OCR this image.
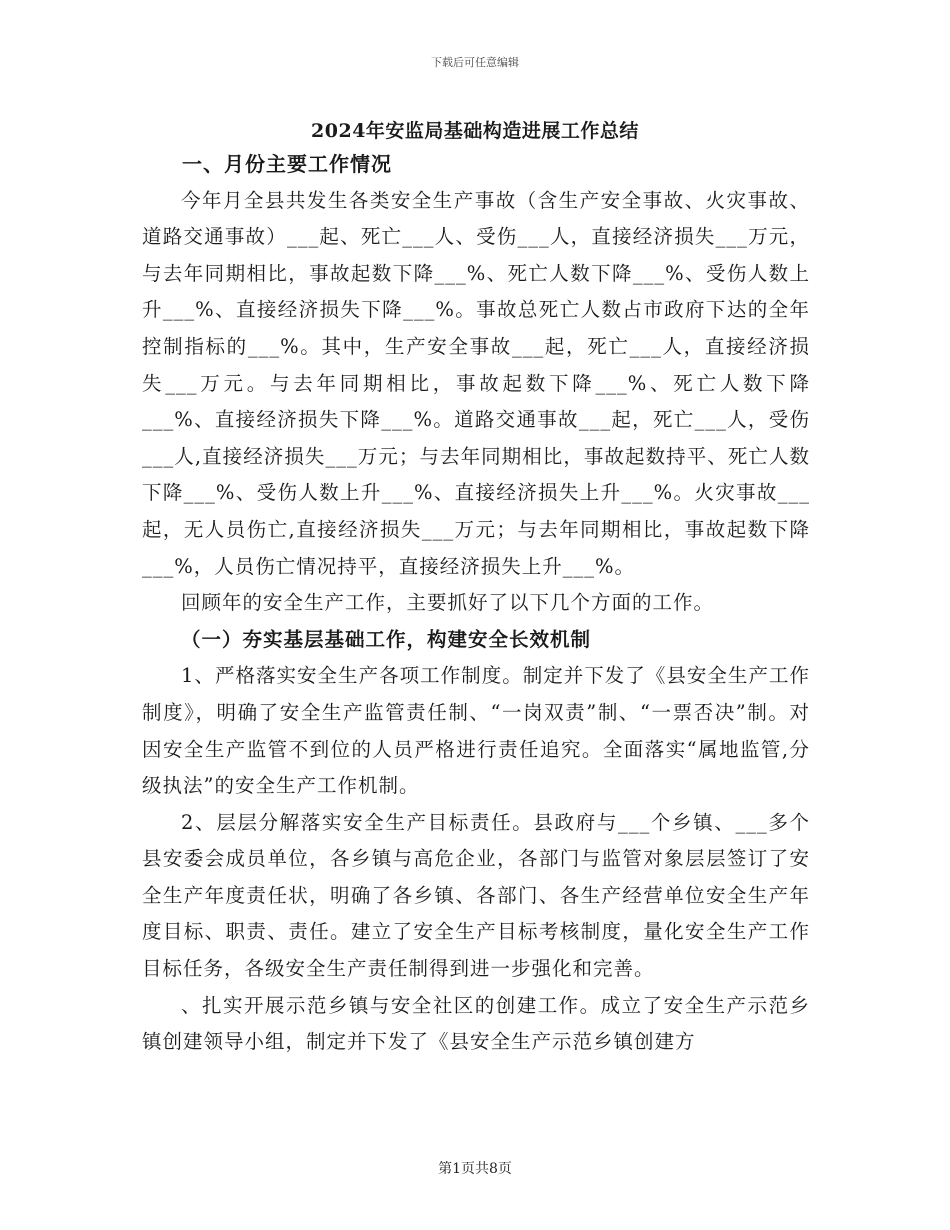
下载后可任意编辑
2024年安监局基础构造进展工作总结
一、月份主要工作情况

今年月全县共发生各类安全生产事故（含生产安全事故、火灾事故、道路交通事故）___起、死亡___人、受伤___人，直接经济损失___万元，与去年同期相比，事故起数下降___%、死亡人数下降___%、受伤人数上升___%、直接经济损失下降___%。事故总死亡人数占市政府下达的全年控制指标的___%。其中，生产安全事故___起，死亡___人，直接经济损失___万元。与去年同期相比，事故起数下降___%、死亡人数下降___%、直接经济损失下降___%。道路交通事故___起，死亡___人，受伤___人,直接经济损失___万元；与去年同期相比，事故起数持平、死亡人数下降___%、受伤人数上升___%、直接经济损失上升___%。火灾事故___起，无人员伤亡,直接经济损失___万元；与去年同期相比，事故起数下降___%，人员伤亡情况持平，直接经济损失上升___%。

回顾年的安全生产工作，主要抓好了以下几个方面的工作。

（一）夯实基层基础工作，构建安全长效机制

1、严格落实安全生产各项工作制度。制定并下发了《县安全生产工作制度》，明确了安全生产监管责任制、“一岗双责”制、“一票否决”制。对因安全生产监管不到位的人员严格进行责任追究。全面落实“属地监管,分级执法”的安全生产工作机制。

2、层层分解落实安全生产目标责任。县政府与___个乡镇、___多个县安委会成员单位，各乡镇与高危企业，各部门与监管对象层层签订了安全生产年度责任状，明确了各乡镇、各部门、各生产经营单位安全生产年度目标、职责、责任。建立了安全生产目标考核制度，量化安全生产工作目标任务，各级安全生产责任制得到进一步强化和完善。

、扎实开展示范乡镇与安全社区的创建工作。成立了安全生产示范乡镇创建领导小组，制定并下发了《县安全生产示范乡镇创建方

第1页共8页
